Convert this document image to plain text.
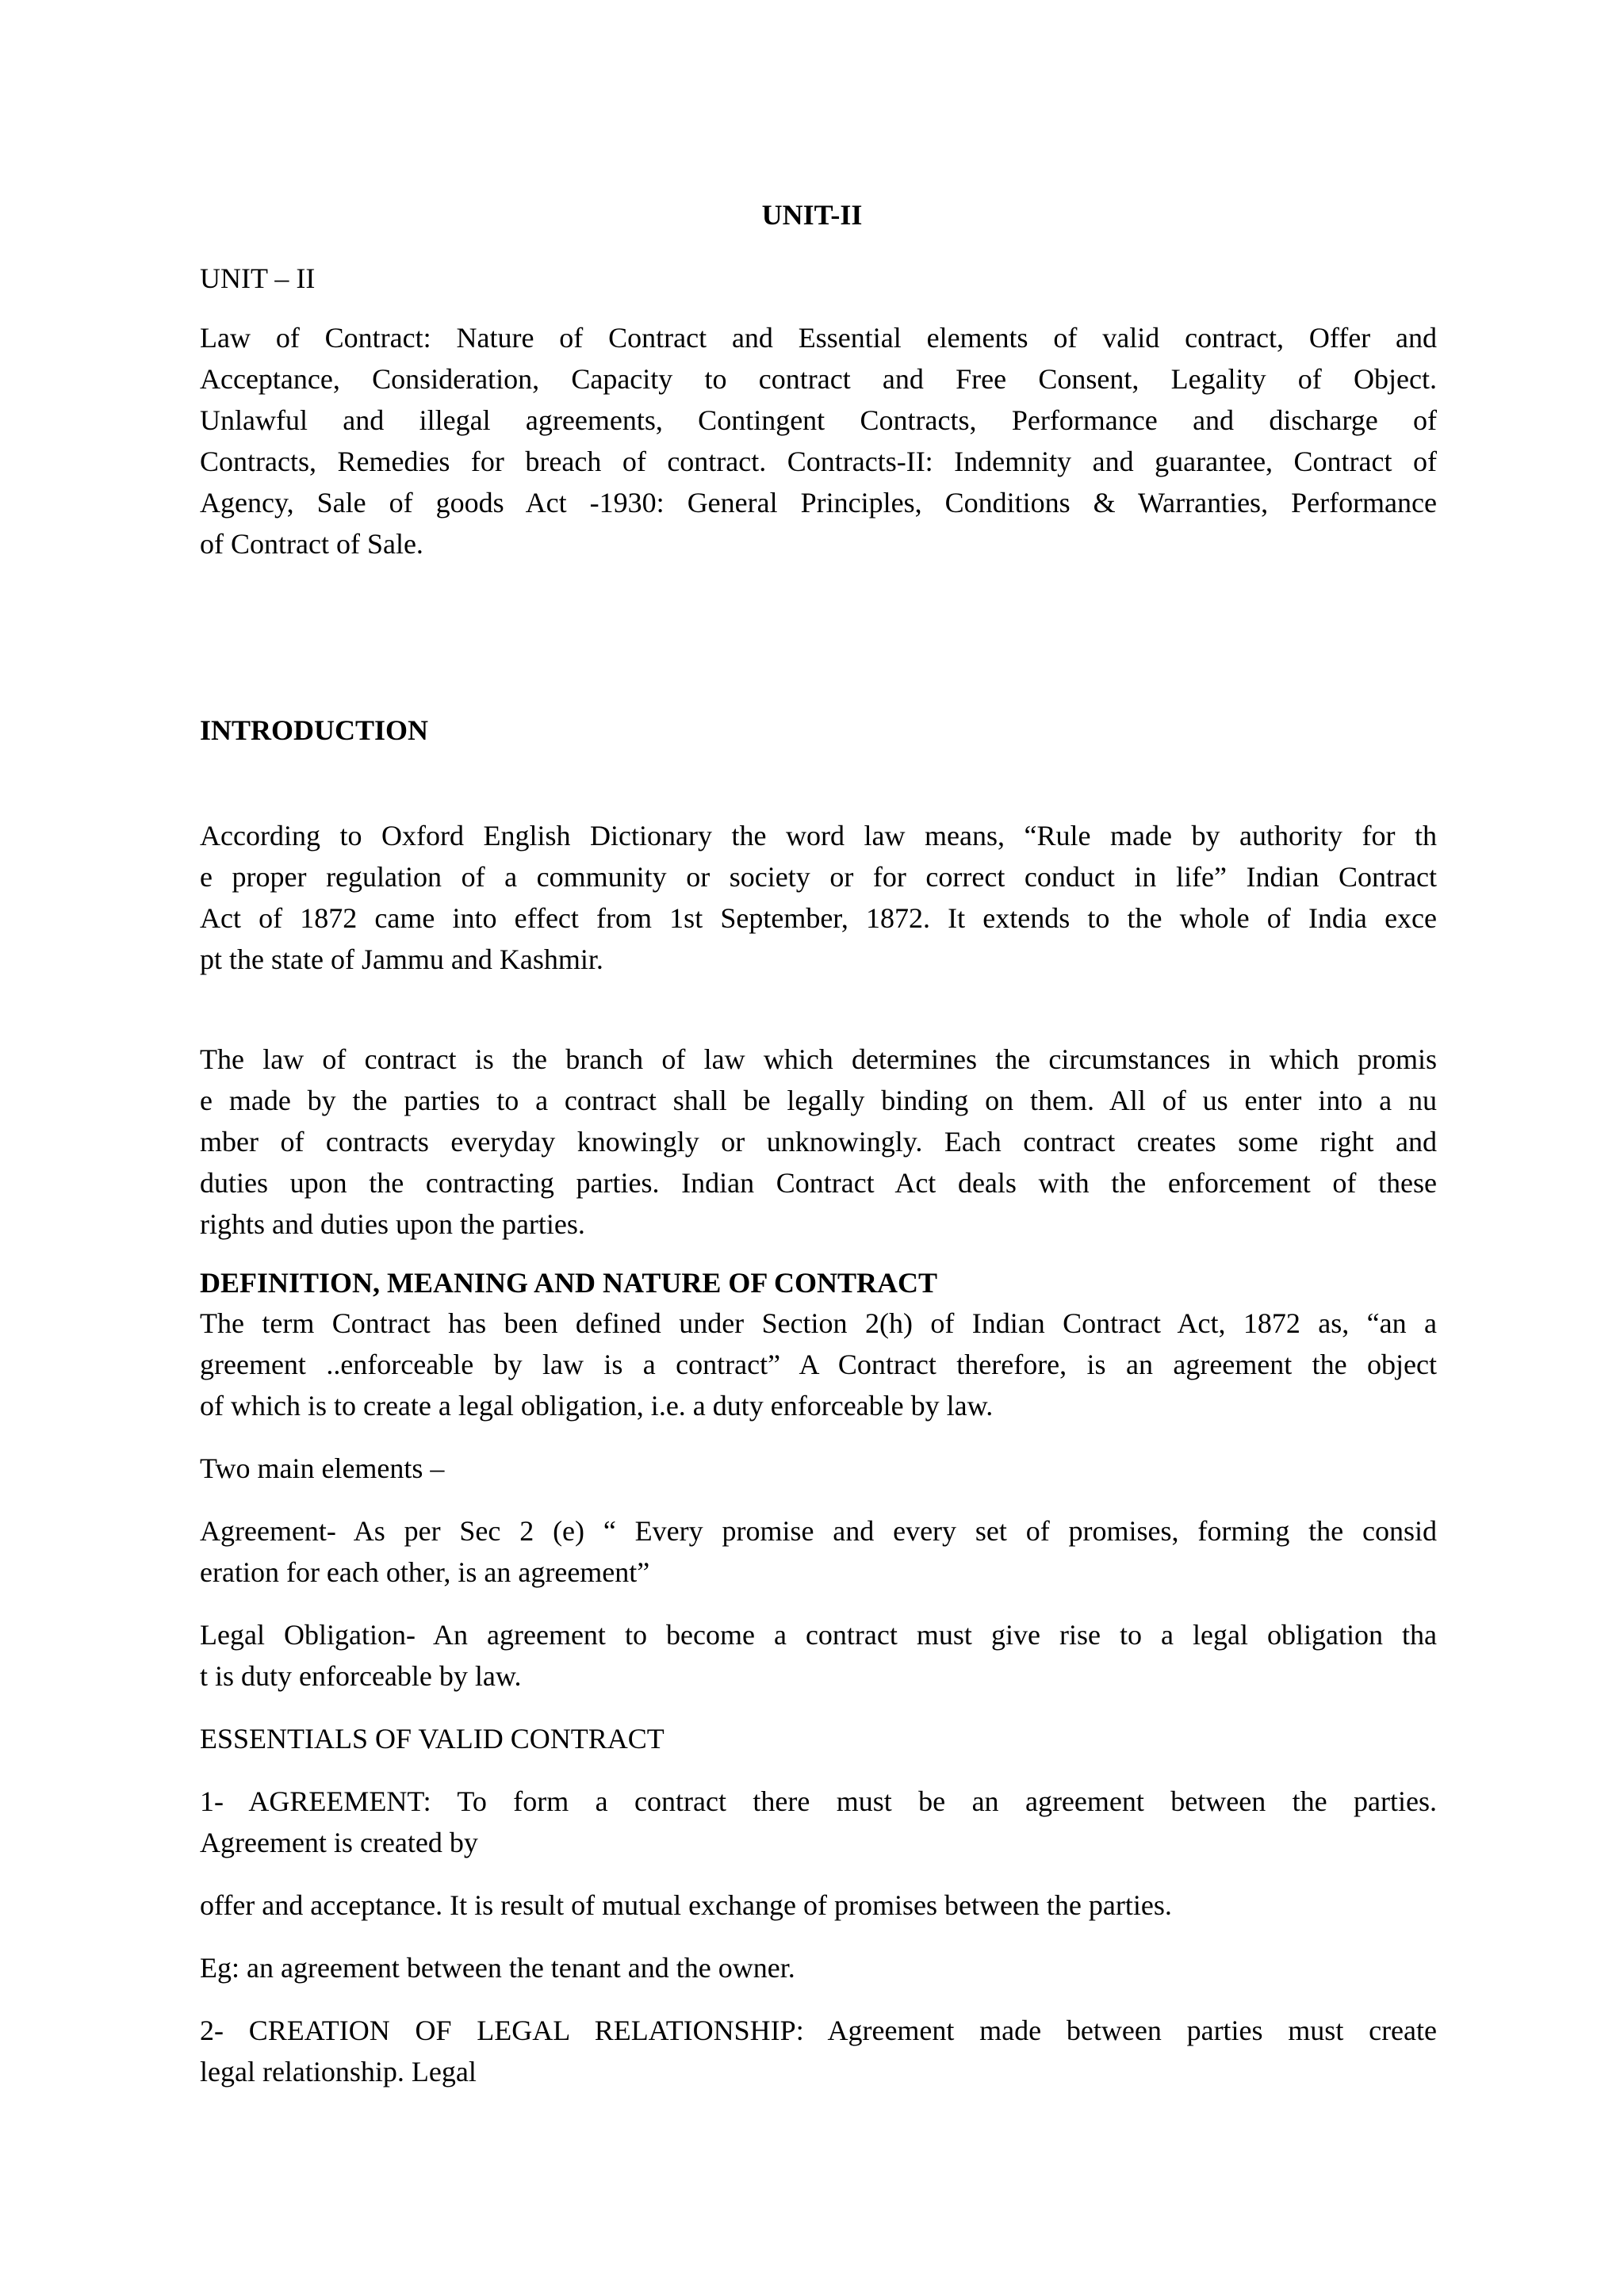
UNIT-II
UNIT – II
Law of Contract: Nature of Contract and Essential elements of valid contract, Offer and
Acceptance, Consideration, Capacity to contract and Free Consent, Legality of Object.
Unlawful and illegal agreements, Contingent Contracts, Performance and discharge of
Contracts, Remedies for breach of contract. Contracts-II: Indemnity and guarantee, Contract of
Agency, Sale of goods Act -1930: General Principles, Conditions & Warranties, Performance
of Contract of Sale.
INTRODUCTION
According to Oxford English Dictionary the word law means, “Rule made by authority for th
e proper regulation of a community or society or for correct conduct in life” Indian Contract
Act of 1872 came into effect from 1st September, 1872. It extends to the whole of India exce
pt the state of Jammu and Kashmir.
The law of contract is the branch of law which determines the circumstances in which promis
e made by the parties to a contract shall be legally binding on them. All of us enter into a nu
mber of contracts everyday knowingly or unknowingly. Each contract creates some right and
duties upon the contracting parties. Indian Contract Act deals with the enforcement of these
rights and duties upon the parties.
DEFINITION, MEANING AND NATURE OF CONTRACT
The term Contract has been defined under Section 2(h) of Indian Contract Act, 1872 as, “an a
greement ..enforceable by law is a contract” A Contract therefore, is an agreement the object
of which is to create a legal obligation, i.e. a duty enforceable by law.
Two main elements –
Agreement- As per Sec 2 (e) “ Every promise and every set of promises, forming the consid
eration for each other, is an agreement”
Legal Obligation- An agreement to become a contract must give rise to a legal obligation tha
t is duty enforceable by law.
ESSENTIALS OF VALID CONTRACT
1- AGREEMENT: To form a contract there must be an agreement between the parties.
Agreement is created by
offer and acceptance. It is result of mutual exchange of promises between the parties.
Eg: an agreement between the tenant and the owner.
2- CREATION OF LEGAL RELATIONSHIP: Agreement made between parties must create
legal relationship. Legal
